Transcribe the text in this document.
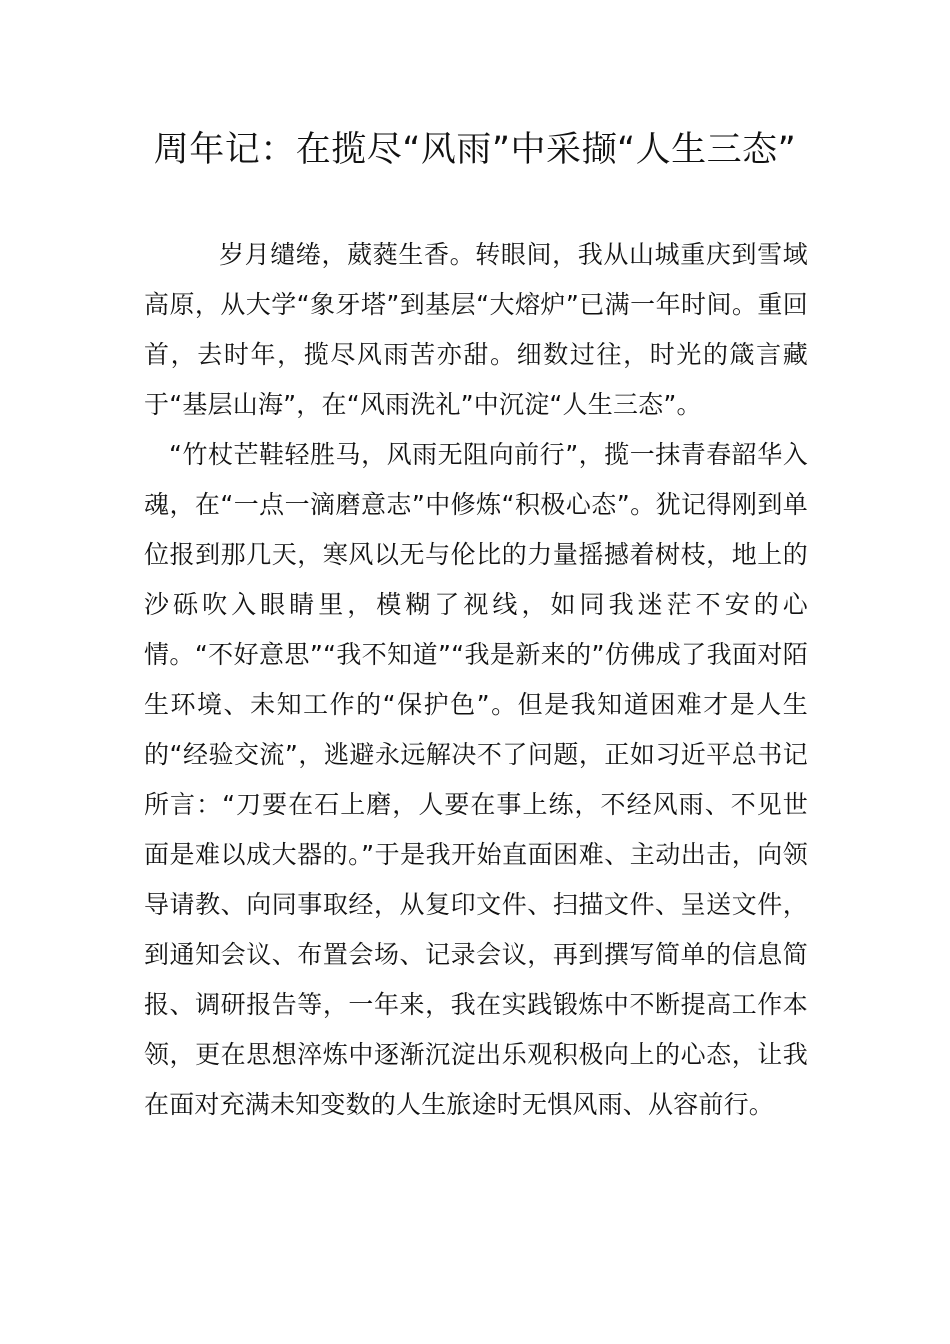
周年记：在揽尽“风雨”中采撷“人生三态”

岁月缱绻，葳蕤生香。转眼间，我从山城重庆到雪域高原，从大学“象牙塔”到基层“大熔炉”已满一年时间。重回首，去时年，揽尽风雨苦亦甜。细数过往，时光的箴言藏于“基层山海”，在“风雨洗礼”中沉淀“人生三态”。

“竹杖芒鞋轻胜马，风雨无阻向前行”，揽一抹青春韶华入魂，在“一点一滴磨意志”中修炼“积极心态”。犹记得刚到单位报到那几天，寒风以无与伦比的力量摇撼着树枝，地上的沙砾吹入眼睛里，模糊了视线，如同我迷茫不安的心情。“不好意思”“我不知道”“我是新来的”仿佛成了我面对陌生环境、未知工作的“保护色”。但是我知道困难才是人生的“经验交流”，逃避永远解决不了问题，正如习近平总书记所言：“刀要在石上磨，人要在事上练，不经风雨、不见世面是难以成大器的。”于是我开始直面困难、主动出击，向领导请教、向同事取经，从复印文件、扫描文件、呈送文件，到通知会议、布置会场、记录会议，再到撰写简单的信息简报、调研报告等，一年来，我在实践锻炼中不断提高工作本领，更在思想淬炼中逐渐沉淀出乐观积极向上的心态，让我在面对充满未知变数的人生旅途时无惧风雨、从容前行。
